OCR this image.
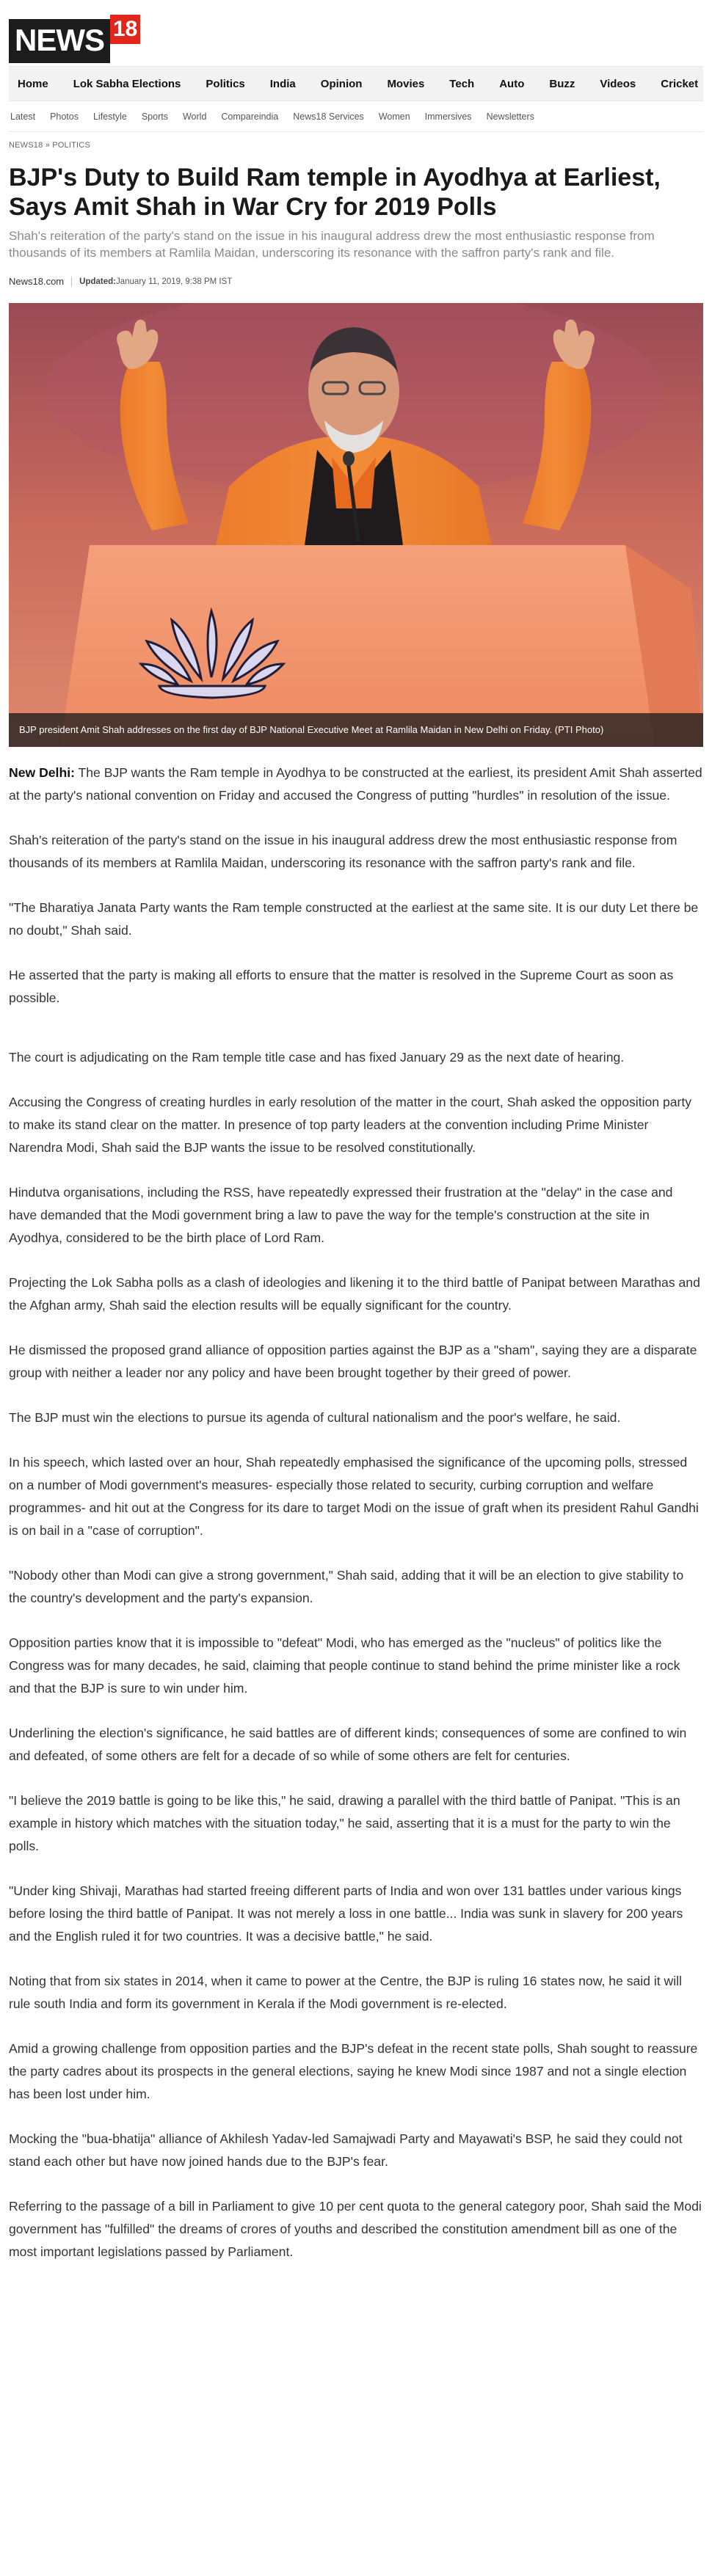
NEWS 18
Home	Lok Sabha Elections	Politics	India	Opinion	Movies	Tech	Auto	Buzz	Videos	Cricket
Latest	Photos	Lifestyle	Sports	World	Compareindia	News18 Services	Women	Immersives	Newsletters
NEWS18 » POLITICS
BJP's Duty to Build Ram temple in Ayodhya at Earliest, Says Amit Shah in War Cry for 2019 Polls

Shah's reiteration of the party's stand on the issue in his inaugural address drew the most enthusiastic response from thousands of its members at Ramlila Maidan, underscoring its resonance with the saffron party's rank and file.

News18.com Updated:January 11, 2019, 9:38 PM IST
BJP president Amit Shah addresses on the first day of BJP National Executive Meet at Ramlila Maidan in New Delhi on Friday. (PTI Photo)

New Delhi: The BJP wants the Ram temple in Ayodhya to be constructed at the earliest, its president Amit Shah asserted at the party's national convention on Friday and accused the Congress of putting "hurdles" in resolution of the issue.

Shah's reiteration of the party's stand on the issue in his inaugural address drew the most enthusiastic response from thousands of its members at Ramlila Maidan, underscoring its resonance with the saffron party's rank and file.

"The Bharatiya Janata Party wants the Ram temple constructed at the earliest at the same site. It is our duty Let there be no doubt," Shah said.

He asserted that the party is making all efforts to ensure that the matter is resolved in the Supreme Court as soon as possible.

The court is adjudicating on the Ram temple title case and has fixed January 29 as the next date of hearing.

Accusing the Congress of creating hurdles in early resolution of the matter in the court, Shah asked the opposition party to make its stand clear on the matter. In presence of top party leaders at the convention including Prime Minister Narendra Modi, Shah said the BJP wants the issue to be resolved constitutionally.

Hindutva organisations, including the RSS, have repeatedly expressed their frustration at the "delay" in the case and have demanded that the Modi government bring a law to pave the way for the temple's construction at the site in Ayodhya, considered to be the birth place of Lord Ram.

Projecting the Lok Sabha polls as a clash of ideologies and likening it to the third battle of Panipat between Marathas and the Afghan army, Shah said the election results will be equally significant for the country.

He dismissed the proposed grand alliance of opposition parties against the BJP as a "sham", saying they are a disparate group with neither a leader nor any policy and have been brought together by their greed of power.

The BJP must win the elections to pursue its agenda of cultural nationalism and the poor's welfare, he said.

In his speech, which lasted over an hour, Shah repeatedly emphasised the significance of the upcoming polls, stressed on a number of Modi government's measures- especially those related to security, curbing corruption and welfare programmes- and hit out at the Congress for its dare to target Modi on the issue of graft when its president Rahul Gandhi is on bail in a "case of corruption".

"Nobody other than Modi can give a strong government," Shah said, adding that it will be an election to give stability to the country's development and the party's expansion.

Opposition parties know that it is impossible to "defeat" Modi, who has emerged as the "nucleus" of politics like the Congress was for many decades, he said, claiming that people continue to stand behind the prime minister like a rock and that the BJP is sure to win under him.

Underlining the election's significance, he said battles are of different kinds; consequences of some are confined to win and defeated, of some others are felt for a decade of so while of some others are felt for centuries.

"I believe the 2019 battle is going to be like this," he said, drawing a parallel with the third battle of Panipat. "This is an example in history which matches with the situation today," he said, asserting that it is a must for the party to win the polls.

"Under king Shivaji, Marathas had started freeing different parts of India and won over 131 battles under various kings before losing the third battle of Panipat. It was not merely a loss in one battle... India was sunk in slavery for 200 years and the English ruled it for two countries. It was a decisive battle," he said.

Noting that from six states in 2014, when it came to power at the Centre, the BJP is ruling 16 states now, he said it will rule south India and form its government in Kerala if the Modi government is re-elected.

Amid a growing challenge from opposition parties and the BJP's defeat in the recent state polls, Shah sought to reassure the party cadres about its prospects in the general elections, saying he knew Modi since 1987 and not a single election has been lost under him.

Mocking the "bua-bhatija" alliance of Akhilesh Yadav-led Samajwadi Party and Mayawati's BSP, he said they could not stand each other but have now joined hands due to the BJP's fear.

Referring to the passage of a bill in Parliament to give 10 per cent quota to the general category poor, Shah said the Modi government has "fulfilled" the dreams of crores of youths and described the constitution amendment bill as one of the most important legislations passed by Parliament.
